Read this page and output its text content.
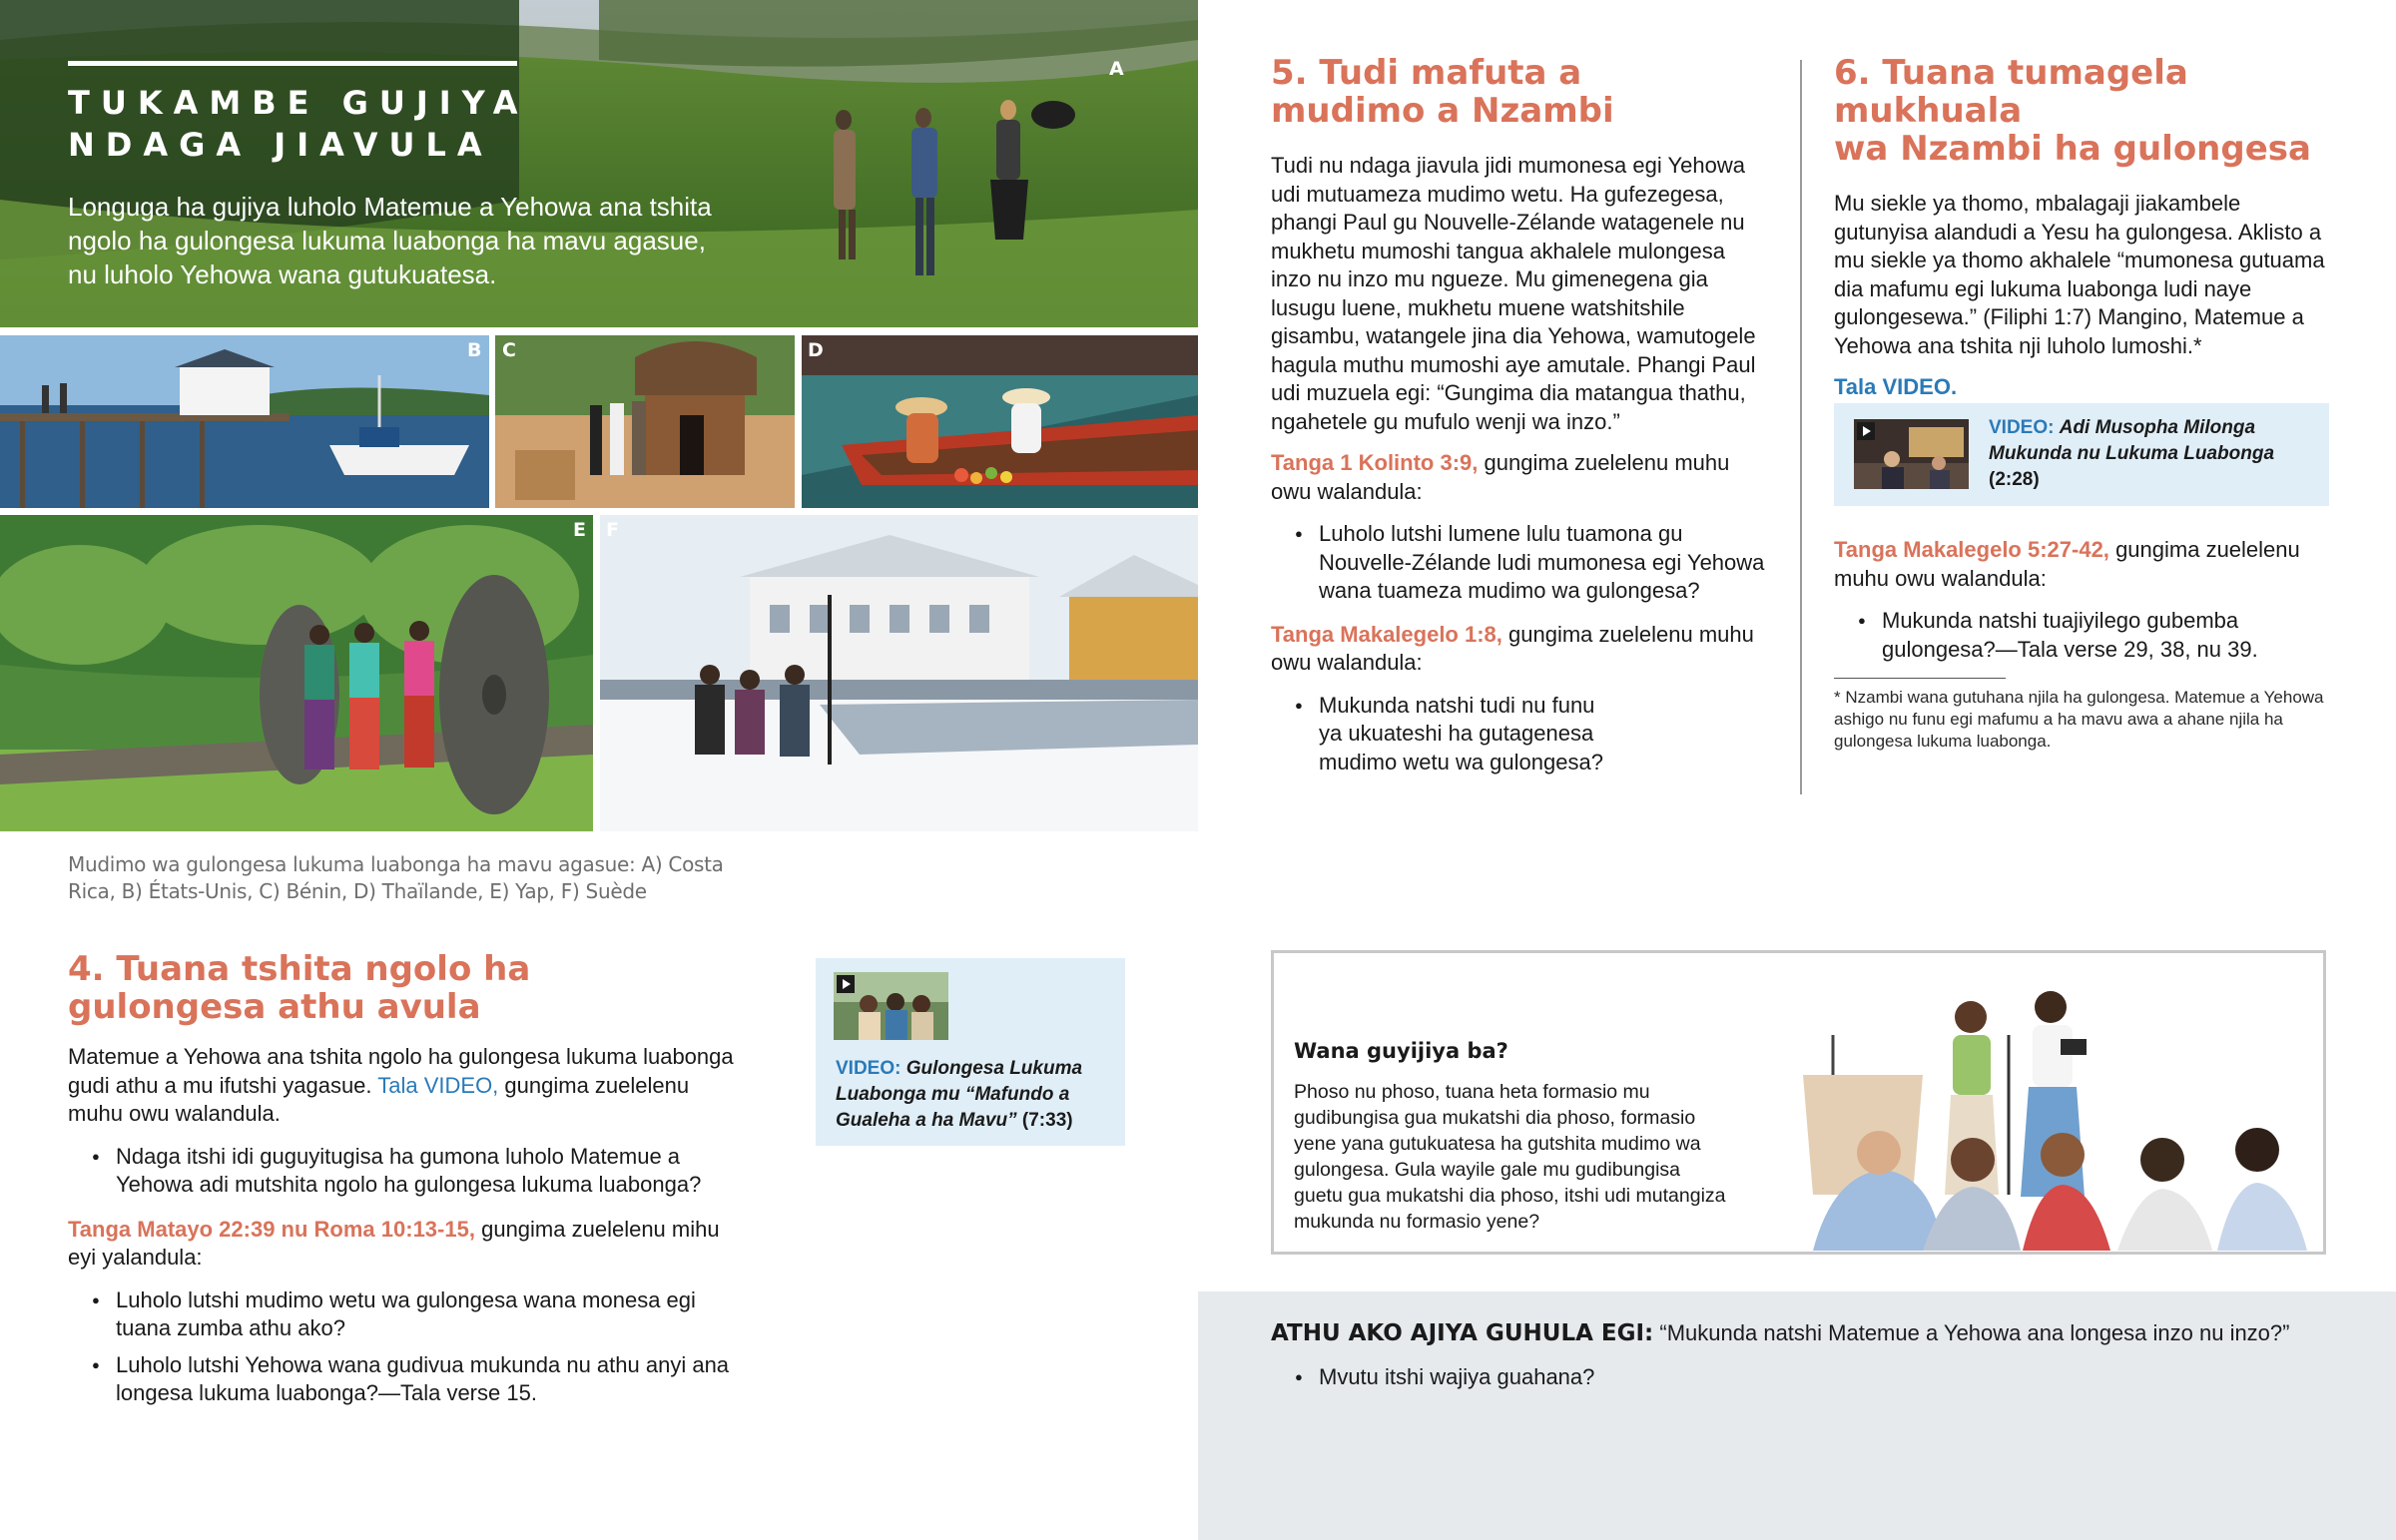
TUKAMBE GUJIYA
NDAGA JIAVULA
Longuga ha gujiya luholo Matemue a Yehowa ana tshita ngolo ha gulongesa lukuma luabonga ha mavu agasue, nu luholo Yehowa wana gutukuatesa.
A
B C	D
E F
Mudimo wa gulongesa lukuma luabonga ha mavu agasue: A) Costa Rica, B) États-Unis, C) Bénin, D) Thaïlande, E) Yap, F) Suède
4. Tuana tshita ngolo ha
gulongesa athu avula

Matemue a Yehowa ana tshita ngolo ha gulongesa lukuma luabonga gudi athu a mu ifutshi yagasue. Tala VIDEO, gungima zuelelenu muhu owu walandula.

● Ndaga itshi idi guguyitugisa ha gumona luholo Matemue a Yehowa adi mutshita ngolo ha gulongesa lukuma luabonga?

Tanga Matayo 22:39 nu Roma 10:13-15, gungima zuelelenu mihu eyi yalandula:

● Luholo lutshi mudimo wetu wa gulongesa wana monesa egi tuana zumba athu ako?
● Luholo lutshi Yehowa wana gudivua mukunda nu athu anyi ana longesa lukuma luabonga?—Tala verse 15.
VIDEO: Gulongesa Lukuma Luabonga mu “Mafundo a Gualeha a ha Mavu” (7:33)
5. Tudi mafuta a
mudimo a Nzambi

Tudi nu ndaga jiavula jidi mumonesa egi Yehowa udi mutuameza mudimo wetu. Ha gufezegesa, phangi Paul gu Nouvelle-Zélande watagenele nu mukhetu mumoshi tangua akhalele mulongesa inzo nu inzo mu ngueze. Mu gimenegena gia lusugu luene, mukhetu muene watshitshile gisambu, watangele jina dia Yehowa, wamutogele hagula muthu mumoshi aye amutale. Phangi Paul udi muzuela egi: “Gungima dia matangua thathu, ngahetele gu mufulo wenji wa inzo.”

Tanga 1 Kolinto 3:9, gungima zuelelenu muhu owu walandula:

● Luholo lutshi lumene lulu tuamona gu Nouvelle-Zélande ludi mumonesa egi Yehowa wana tuameza mudimo wa gulongesa?

Tanga Makalegelo 1:8, gungima zuelelenu muhu owu walandula:

● Mukunda natshi tudi nu funu ya ukuateshi ha gutagenesa mudimo wetu wa gulongesa?
6. Tuana tumagela mukhuala
wa Nzambi ha gulongesa

Mu siekle ya thomo, mbalagaji jiakambele gutunyisa alandudi a Yesu ha gulongesa. Aklisto a mu siekle ya thomo akhalele “mumonesa gutuama dia mafumu egi lukuma luabonga ludi naye gulongesewa.” (Filiphi 1:7) Mangino, Matemue a Yehowa ana tshita nji luholo lumoshi.*

Tala VIDEO.

VIDEO: Adi Musopha Milonga Mukunda nu Lukuma Luabonga (2:28)

Tanga Makalegelo 5:27-42, gungima zuelelenu muhu owu walandula:

● Mukunda natshi tuajiyilego gubemba gulongesa?—Tala verse 29, 38, nu 39.

* Nzambi wana gutuhana njila ha gulongesa. Matemue a Yehowa ashigo nu funu egi mafumu a ha mavu awa a ahane njila ha gulongesa lukuma luabonga.

Wana guyijiya ba?
Phoso nu phoso, tuana heta formasio mu gudibungisa gua mukatshi dia phoso, formasio yene yana gutukuatesa ha gutshita mudimo wa gulongesa. Gula wayile gale mu gudibungisa guetu gua mukatshi dia phoso, itshi udi mutangiza mukunda nu formasio yene?
ATHU AKO AJIYA GUHULA EGI: “Mukunda natshi Matemue a Yehowa ana longesa inzo nu inzo?”
● Mvutu itshi wajiya guahana?
